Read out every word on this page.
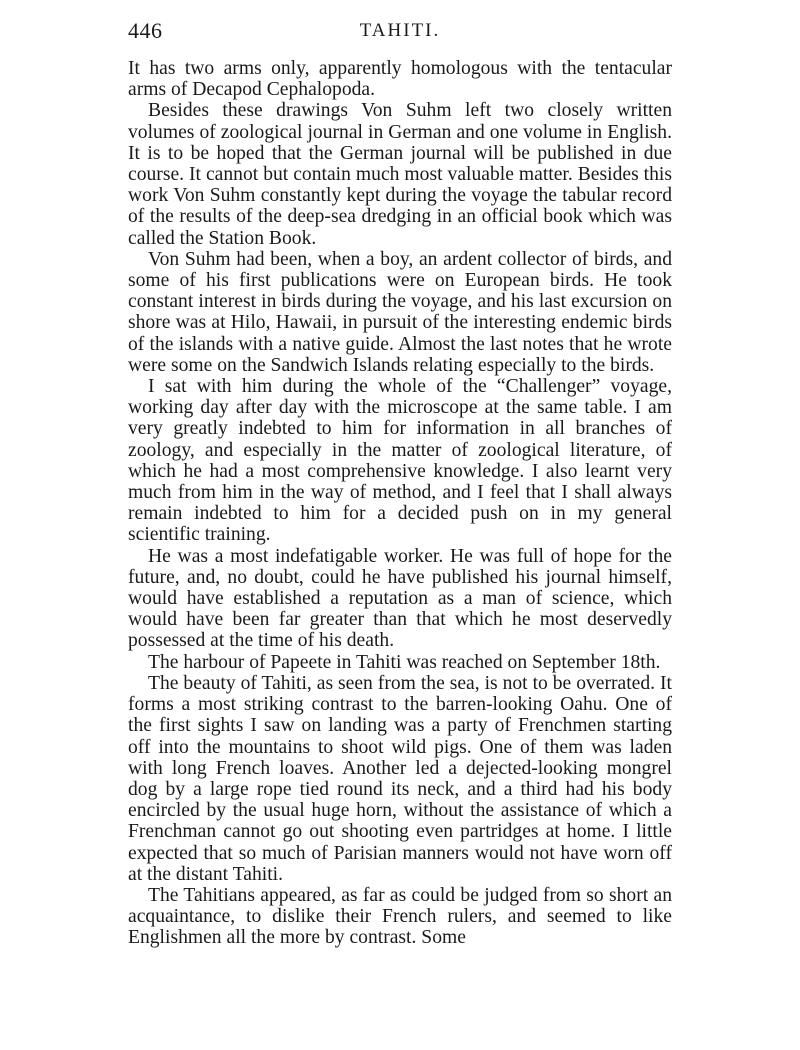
446	TAHITI.

It has two arms only, apparently homologous with the tentacular arms of Decapod Cephalopoda.

Besides these drawings Von Suhm left two closely written volumes of zoological journal in German and one volume in English. It is to be hoped that the German journal will be published in due course. It cannot but contain much most valuable matter. Besides this work Von Suhm constantly kept during the voyage the tabular record of the results of the deep-sea dredging in an official book which was called the Station Book.

Von Suhm had been, when a boy, an ardent collector of birds, and some of his first publications were on European birds. He took constant interest in birds during the voyage, and his last excursion on shore was at Hilo, Hawaii, in pursuit of the interesting endemic birds of the islands with a native guide. Almost the last notes that he wrote were some on the Sandwich Islands relating especially to the birds.

I sat with him during the whole of the “Challenger” voyage, working day after day with the microscope at the same table. I am very greatly indebted to him for information in all branches of zoology, and especially in the matter of zoological literature, of which he had a most comprehensive knowledge. I also learnt very much from him in the way of method, and I feel that I shall always remain indebted to him for a decided push on in my general scientific training.

He was a most indefatigable worker. He was full of hope for the future, and, no doubt, could he have published his journal himself, would have established a reputation as a man of science, which would have been far greater than that which he most deservedly possessed at the time of his death.

The harbour of Papeete in Tahiti was reached on September 18th.

The beauty of Tahiti, as seen from the sea, is not to be overrated. It forms a most striking contrast to the barren-looking Oahu. One of the first sights I saw on landing was a party of Frenchmen starting off into the mountains to shoot wild pigs. One of them was laden with long French loaves. Another led a dejected-looking mongrel dog by a large rope tied round its neck, and a third had his body encircled by the usual huge horn, without the assistance of which a Frenchman cannot go out shooting even partridges at home. I little expected that so much of Parisian manners would not have worn off at the distant Tahiti.

The Tahitians appeared, as far as could be judged from so short an acquaintance, to dislike their French rulers, and seemed to like Englishmen all the more by contrast. Some
